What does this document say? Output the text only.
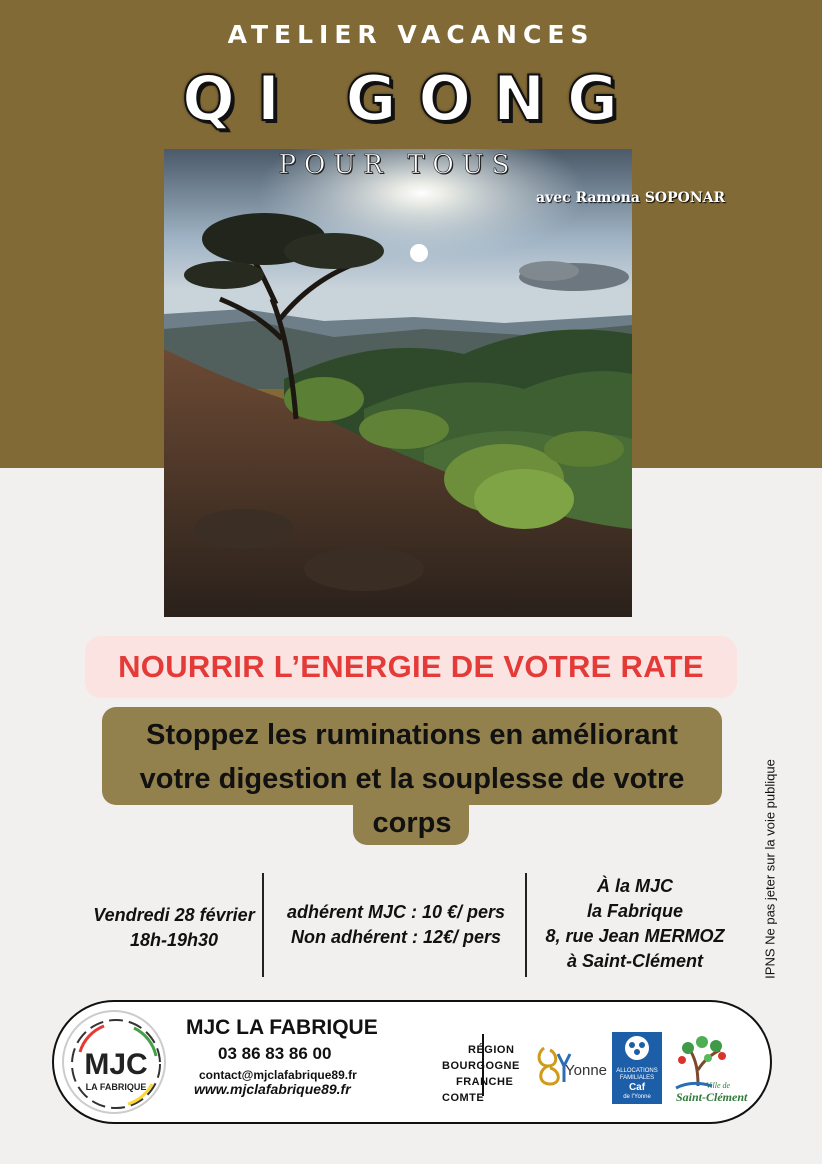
ATELIER VACANCES
QI GONG
POUR TOUS
avec Ramona SOPONAR
NOURRIR L’ENERGIE DE VOTRE RATE
Stoppez les ruminations en améliorant
votre digestion et la souplesse de votre
corps
Vendredi 28 février
18h-19h30
adhérent MJC : 10 €/ pers
Non adhérent : 12€/ pers
À la MJC
la Fabrique
8, rue Jean MERMOZ
à Saint-Clément	IPNS Ne pas jeter sur la voie publique
MJC
LA FABRIQUE
MJC LA FABRIQUE
03 86 83 86 00
contact@mjclafabrique89.fr
www.mjclafabrique89.fr
RÉGION
BOURGOGNE
FRANCHE
COMTE
Yonne	ALLOCATIONS FAMILIALES
Caf
de l'Yonne
Ville de
Saint-Clément
